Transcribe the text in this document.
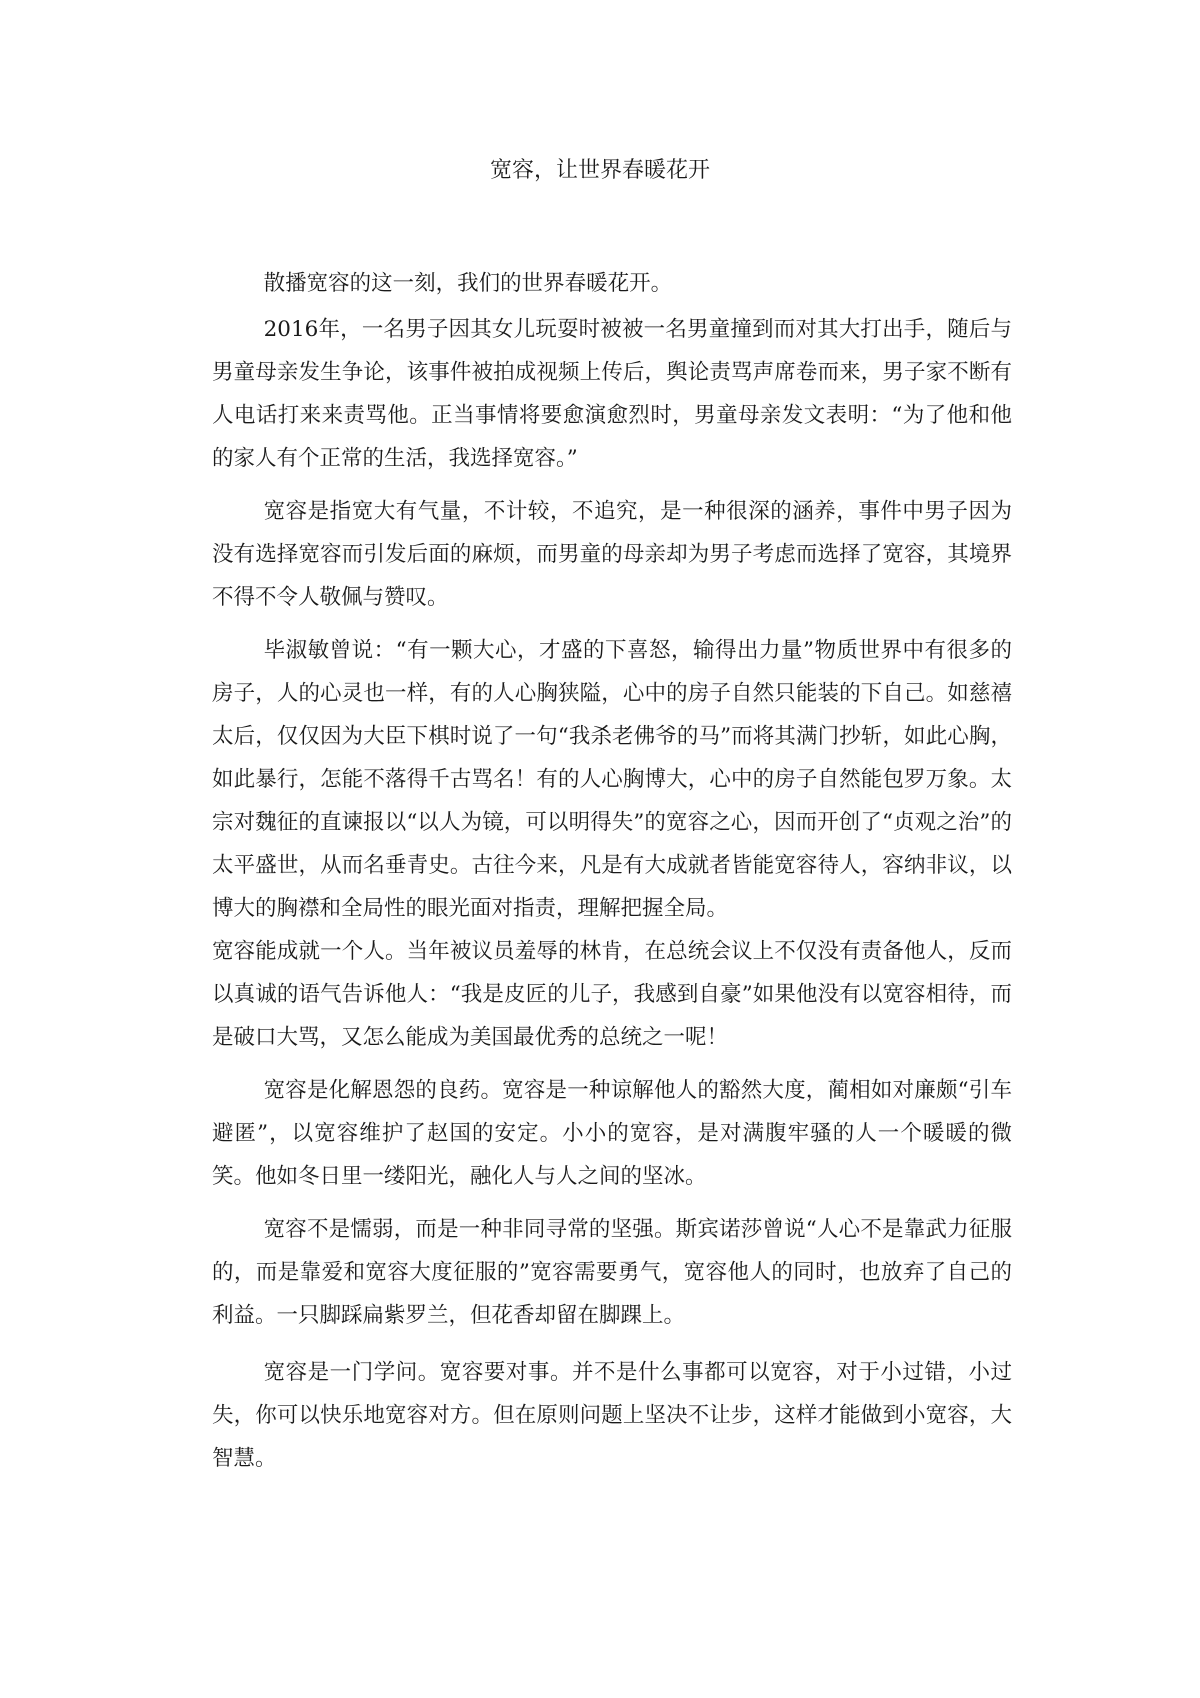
宽容，让世界春暖花开

散播宽容的这一刻，我们的世界春暖花开。

2016年，一名男子因其女儿玩耍时被被一名男童撞到而对其大打出手，随后与男童母亲发生争论，该事件被拍成视频上传后，舆论责骂声席卷而来，男子家不断有人电话打来来责骂他。正当事情将要愈演愈烈时，男童母亲发文表明：“为了他和他的家人有个正常的生活，我选择宽容。”

宽容是指宽大有气量，不计较，不追究，是一种很深的涵养，事件中男子因为没有选择宽容而引发后面的麻烦，而男童的母亲却为男子考虑而选择了宽容，其境界不得不令人敬佩与赞叹。

毕淑敏曾说：“有一颗大心，才盛的下喜怒，输得出力量”物质世界中有很多的房子，人的心灵也一样，有的人心胸狭隘，心中的房子自然只能装的下自己。如慈禧太后，仅仅因为大臣下棋时说了一句“我杀老佛爷的马”而将其满门抄斩，如此心胸，如此暴行，怎能不落得千古骂名！有的人心胸博大，心中的房子自然能包罗万象。太宗对魏征的直谏报以“以人为镜，可以明得失”的宽容之心，因而开创了“贞观之治”的太平盛世，从而名垂青史。古往今来，凡是有大成就者皆能宽容待人，容纳非议，以博大的胸襟和全局性的眼光面对指责，理解把握全局。

宽容能成就一个人。当年被议员羞辱的林肯，在总统会议上不仅没有责备他人，反而以真诚的语气告诉他人：“我是皮匠的儿子，我感到自豪”如果他没有以宽容相待，而是破口大骂，又怎么能成为美国最优秀的总统之一呢！

宽容是化解恩怨的良药。宽容是一种谅解他人的豁然大度，蔺相如对廉颇“引车避匿”，以宽容维护了赵国的安定。小小的宽容，是对满腹牢骚的人一个暖暖的微笑。他如冬日里一缕阳光，融化人与人之间的坚冰。

宽容不是懦弱，而是一种非同寻常的坚强。斯宾诺莎曾说“人心不是靠武力征服的，而是靠爱和宽容大度征服的”宽容需要勇气，宽容他人的同时，也放弃了自己的利益。一只脚踩扁紫罗兰，但花香却留在脚踝上。

宽容是一门学问。宽容要对事。并不是什么事都可以宽容，对于小过错，小过失，你可以快乐地宽容对方。但在原则问题上坚决不让步，这样才能做到小宽容，大智慧。
